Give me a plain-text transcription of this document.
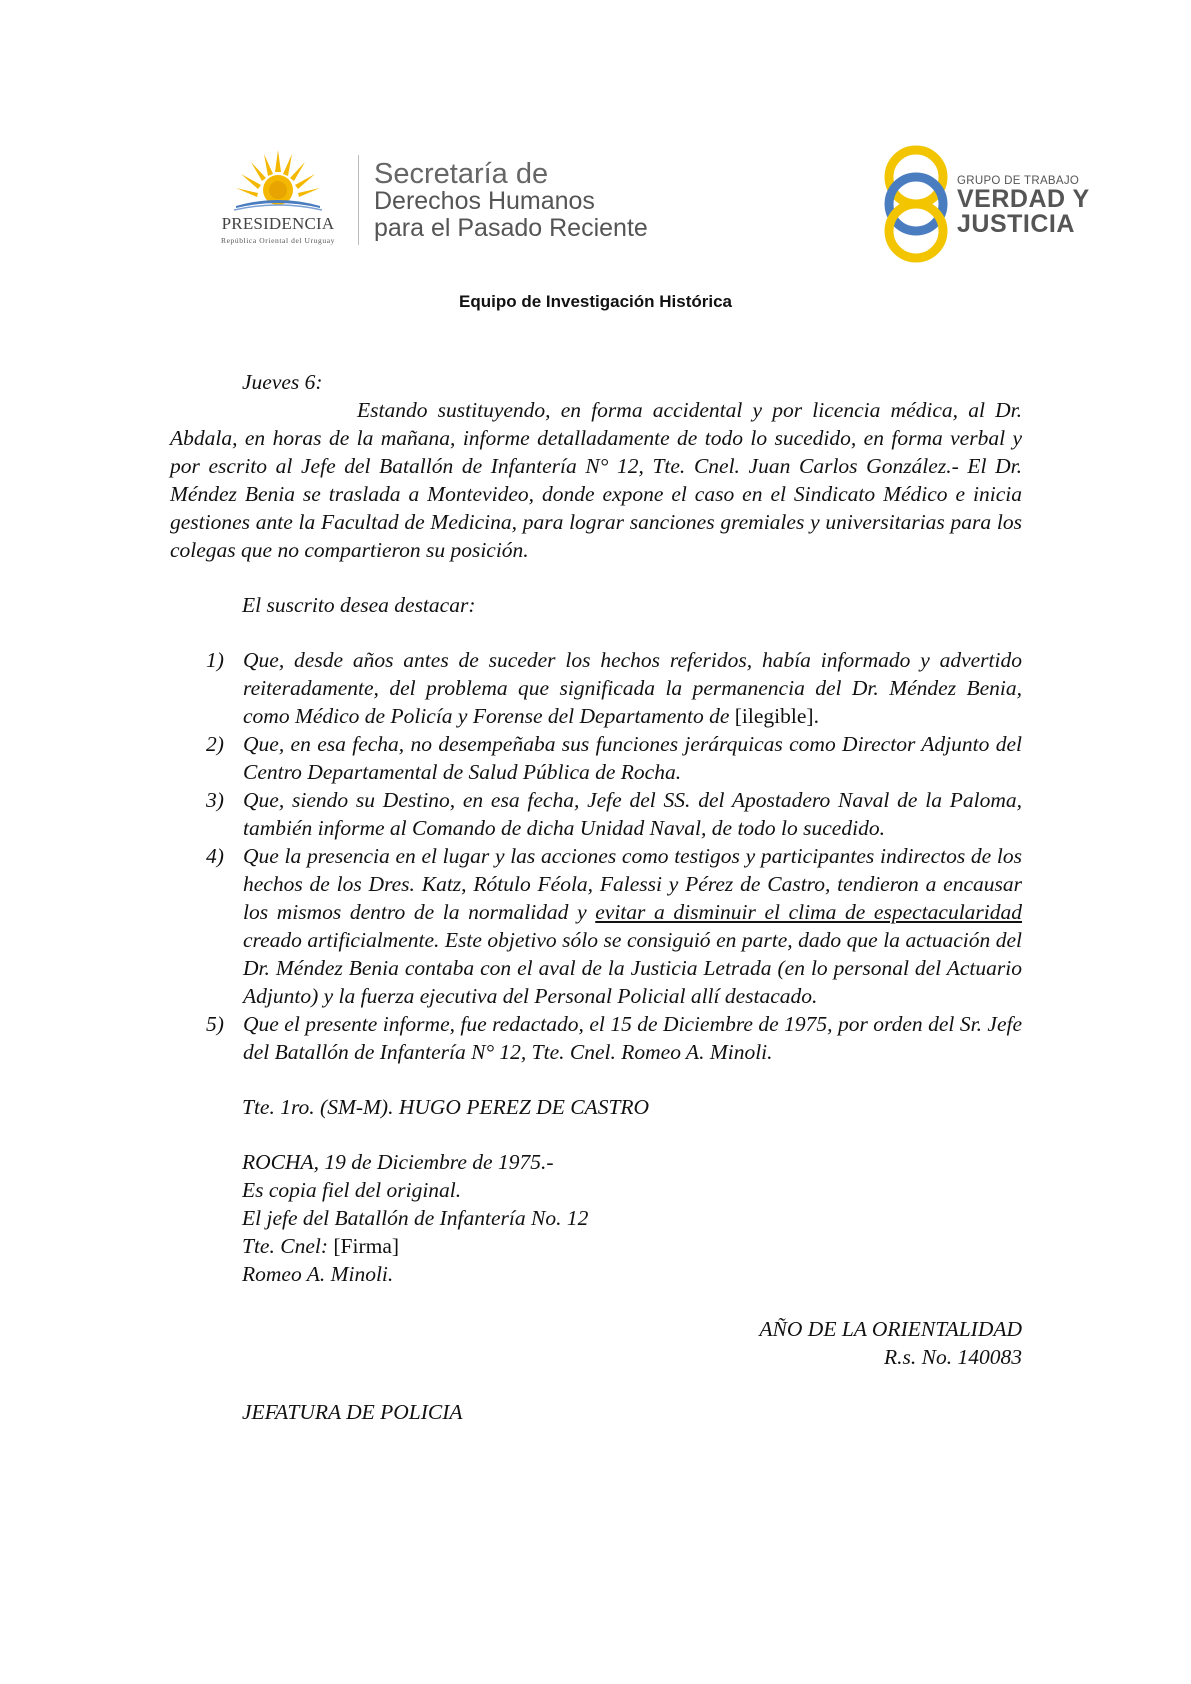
PRESIDENCIA
República Oriental del Uruguay
Secretaría de
Derechos Humanos
para el Pasado Reciente
GRUPO DE TRABAJO
VERDAD Y
JUSTICIA
Equipo de Investigación Histórica

Jueves 6:

Estando sustituyendo, en forma accidental y por licencia médica, al Dr. Abdala, en horas de la mañana, informe detalladamente de todo lo sucedido, en forma verbal y por escrito al Jefe del Batallón de Infantería N° 12, Tte. Cnel. Juan Carlos González.- El Dr. Méndez Benia se traslada a Montevideo, donde expone el caso en el Sindicato Médico e inicia gestiones ante la Facultad de Medicina, para lograr sanciones gremiales y universitarias para los colegas que no compartieron su posición.

El suscrito desea destacar:

1) Que, desde años antes de suceder los hechos referidos, había informado y advertido reiteradamente, del problema que significada la permanencia del Dr. Méndez Benia, como Médico de Policía y Forense del Departamento de [ilegible].
2) Que, en esa fecha, no desempeñaba sus funciones jerárquicas como Director Adjunto del Centro Departamental de Salud Pública de Rocha.
3) Que, siendo su Destino, en esa fecha, Jefe del SS. del Apostadero Naval de la Paloma, también informe al Comando de dicha Unidad Naval, de todo lo sucedido.
4) Que la presencia en el lugar y las acciones como testigos y participantes indirectos de los hechos de los Dres. Katz, Rótulo Féola, Falessi y Pérez de Castro, tendieron a encausar los mismos dentro de la normalidad y evitar a disminuir el clima de espectacularidad creado artificialmente. Este objetivo sólo se consiguió en parte, dado que la actuación del Dr. Méndez Benia contaba con el aval de la Justicia Letrada (en lo personal del Actuario Adjunto) y la fuerza ejecutiva del Personal Policial allí destacado.
5) Que el presente informe, fue redactado, el 15 de Diciembre de 1975, por orden del Sr. Jefe del Batallón de Infantería N° 12, Tte. Cnel. Romeo A. Minoli.

Tte. 1ro. (SM-M). HUGO PEREZ DE CASTRO

ROCHA, 19 de Diciembre de 1975.-

Es copia fiel del original.

El jefe del Batallón de Infantería No. 12

Tte. Cnel: [Firma]

Romeo A. Minoli.

AÑO DE LA ORIENTALIDAD

R.s. No. 140083

JEFATURA DE POLICIA
